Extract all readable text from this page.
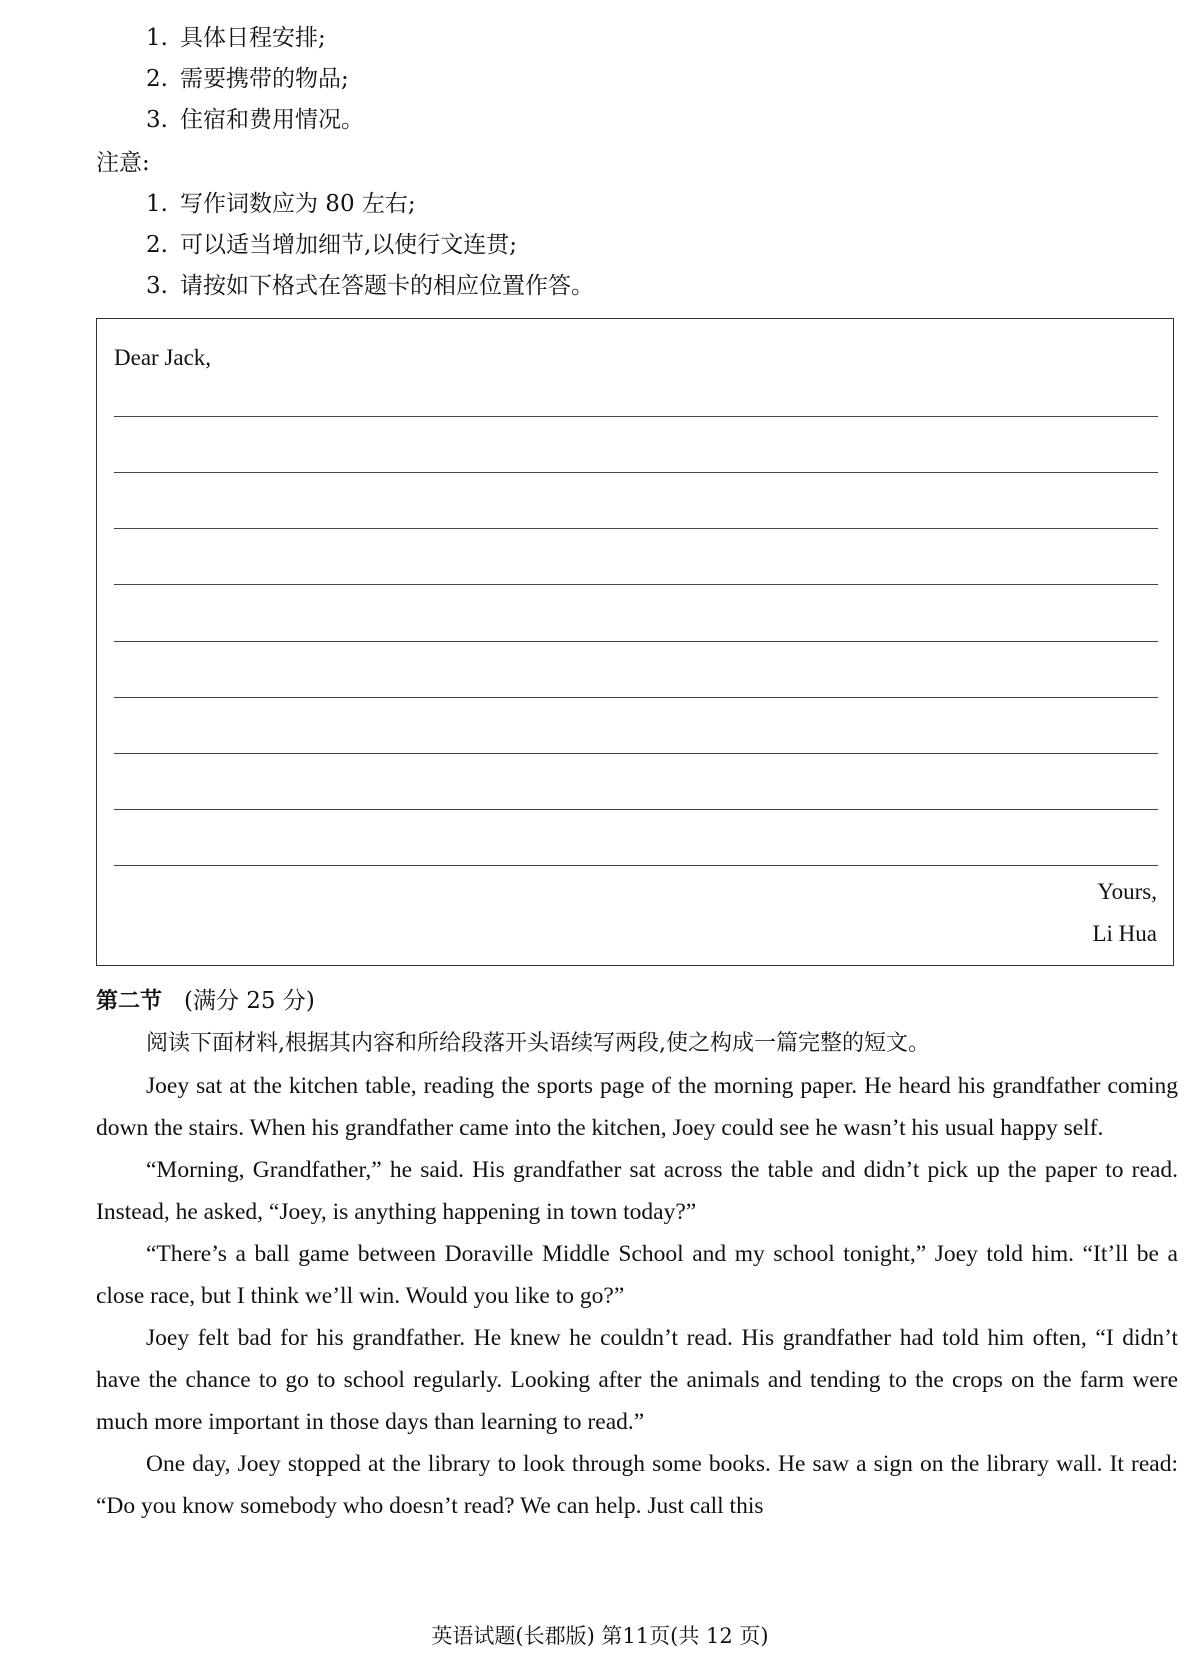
1. 具体日程安排;
2. 需要携带的物品;
3. 住宿和费用情况。
注意:
1. 写作词数应为 80 左右;
2. 可以适当增加细节,以使行文连贯;
3. 请按如下格式在答题卡的相应位置作答。
Dear Jack,
Yours,
Li Hua
第二节 (满分 25 分)

阅读下面材料,根据其内容和所给段落开头语续写两段,使之构成一篇完整的短文。

Joey sat at the kitchen table, reading the sports page of the morning paper. He heard his grandfather coming down the stairs. When his grandfather came into the kitchen, Joey could see he wasn’t his usual happy self.

“Morning, Grandfather,” he said. His grandfather sat across the table and didn’t pick up the paper to read. Instead, he asked, “Joey, is anything happening in town today?”

“There’s a ball game between Doraville Middle School and my school tonight,” Joey told him. “It’ll be a close race, but I think we’ll win. Would you like to go?”

Joey felt bad for his grandfather. He knew he couldn’t read. His grandfather had told him often, “I didn’t have the chance to go to school regularly. Looking after the animals and tending to the crops on the farm were much more important in those days than learning to read.”

One day, Joey stopped at the library to look through some books. He saw a sign on the library wall. It read: “Do you know somebody who doesn’t read? We can help. Just call this

英语试题(长郡版) 第11页(共 12 页)
